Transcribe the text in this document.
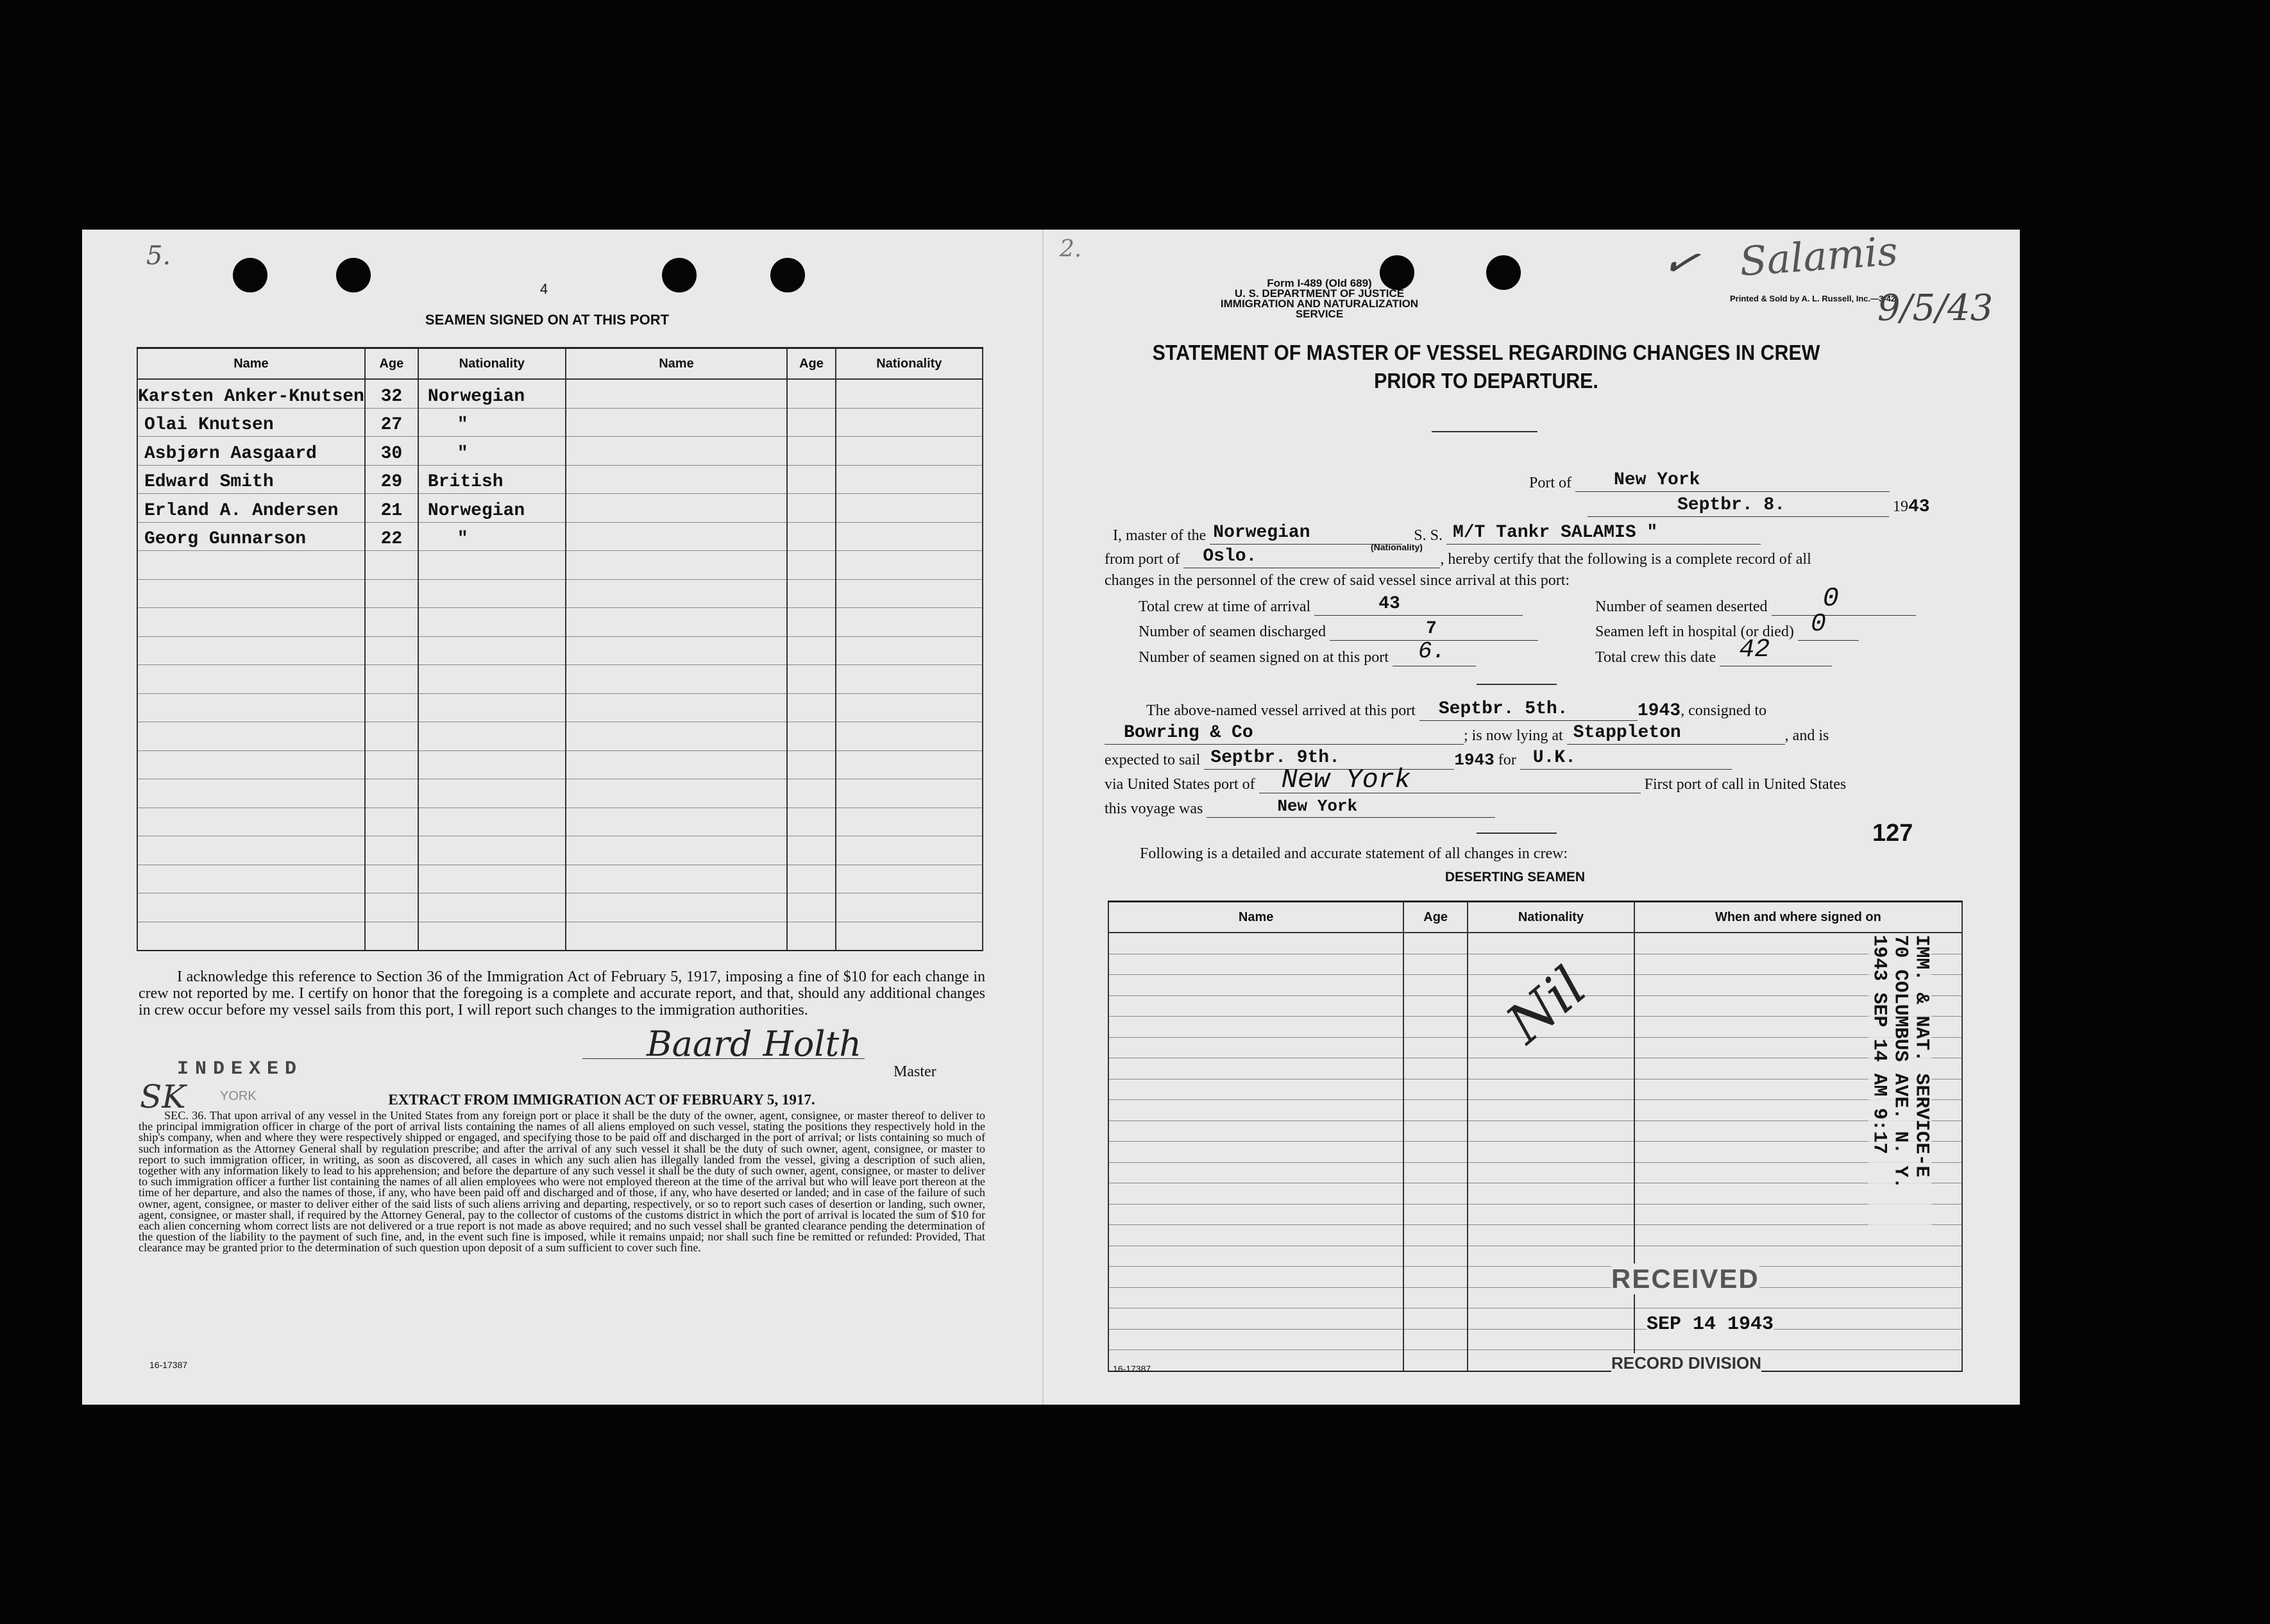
5.
4
SEAMEN SIGNED ON AT THIS PORT
Name	Age	Nationality	Name	Age	Nationality
Karsten Anker-Knutsen	32	Norwegian			
Olai Knutsen	27	"			
Asbjørn Aasgaard	30	"			
Edward Smith	29	British			
Erland A. Andersen	21	Norwegian			
Georg Gunnarson	22	"			

I acknowledge this reference to Section 36 of the Immigration Act of February 5, 1917, imposing a fine of $10 for each change in crew not reported by me. I certify on honor that the foregoing is a complete and accurate report, and that, should any additional changes in crew occur before my vessel sails from this port, I will report such changes to the immigration authorities.
Baard Holth
Master
INDEXED
SK	YORK	EXTRACT FROM IMMIGRATION ACT OF FEBRUARY 5, 1917.
SEC. 36. That upon arrival of any vessel in the United States from any foreign port or place it shall be the duty of the owner, agent, consignee, or master thereof to deliver to the principal immigration officer in charge of the port of arrival lists containing the names of all aliens employed on such vessel, stating the positions they respectively hold in the ship's company, when and where they were respectively shipped or engaged, and specifying those to be paid off and discharged in the port of arrival; or lists containing so much of such information as the Attorney General shall by regulation prescribe; and after the arrival of any such vessel it shall be the duty of such owner, agent, consignee, or master to report to such immigration officer, in writing, as soon as discovered, all cases in which any such alien has illegally landed from the vessel, giving a description of such alien, together with any information likely to lead to his apprehension; and before the departure of any such vessel it shall be the duty of such owner, agent, consignee, or master to deliver to such immigration officer a further list containing the names of all alien employees who were not employed thereon at the time of the arrival but who will leave port thereon at the time of her departure, and also the names of those, if any, who have been paid off and discharged and of those, if any, who have deserted or landed; and in case of the failure of such owner, agent, consignee, or master to deliver either of the said lists of such aliens arriving and departing, respectively, or so to report such cases of desertion or landing, such owner, agent, consignee, or master shall, if required by the Attorney General, pay to the collector of customs of the customs district in which the port of arrival is located the sum of $10 for each alien concerning whom correct lists are not delivered or a true report is not made as above required; and no such vessel shall be granted clearance pending the determination of the question of the liability to the payment of such fine, and, in the event such fine is imposed, while it remains unpaid; nor shall such fine be remitted or refunded: Provided, That clearance may be granted prior to the determination of such question upon deposit of a sum sufficient to cover such fine.
16-17387
✓
2.
Form I-489 (Old 689)
U. S. DEPARTMENT OF JUSTICE
IMMIGRATION AND NATURALIZATION SERVICE
Printed & Sold by A. L. Russell, Inc.—3-42
Salamis
9/5/43
STATEMENT OF MASTER OF VESSEL REGARDING CHANGES IN CREW
PRIOR TO DEPARTURE.
Port of New York
Septbr. 8.	1943
I, master of the Norwegian	S. S. M/T Tankr SALAMIS "
(Nationality)
from port of Oslo.	, hereby certify that the following is a complete record of all
changes in the personnel of the crew of said vessel since arrival at this port:
Total crew at time of arrival	43	Number of seamen deserted 0
Number of seamen discharged	7	Seamen left in hospital (or died) 0
Number of seamen signed on at this port 6.	Total crew this date 42
The above-named vessel arrived at this port Septbr. 5th.	1943, consigned to
Bowring & Co	; is now lying at Stappleton	, and is
expected to sail Septbr. 9th.	1943 for U.K.
via United States port of New York	First port of call in United States
this voyage was	New York
127
Following is a detailed and accurate statement of all changes in crew:
DESERTING SEAMEN
Name	Age	Nationality	When and where signed on

Nil	IMM. & NAT. SERVICE-E
70 COLUMBUS AVE. N. Y.
1943 SEP 14 AM 9:17
RECEIVED
SEP 14 1943
RECORD DIVISION
16-17387
